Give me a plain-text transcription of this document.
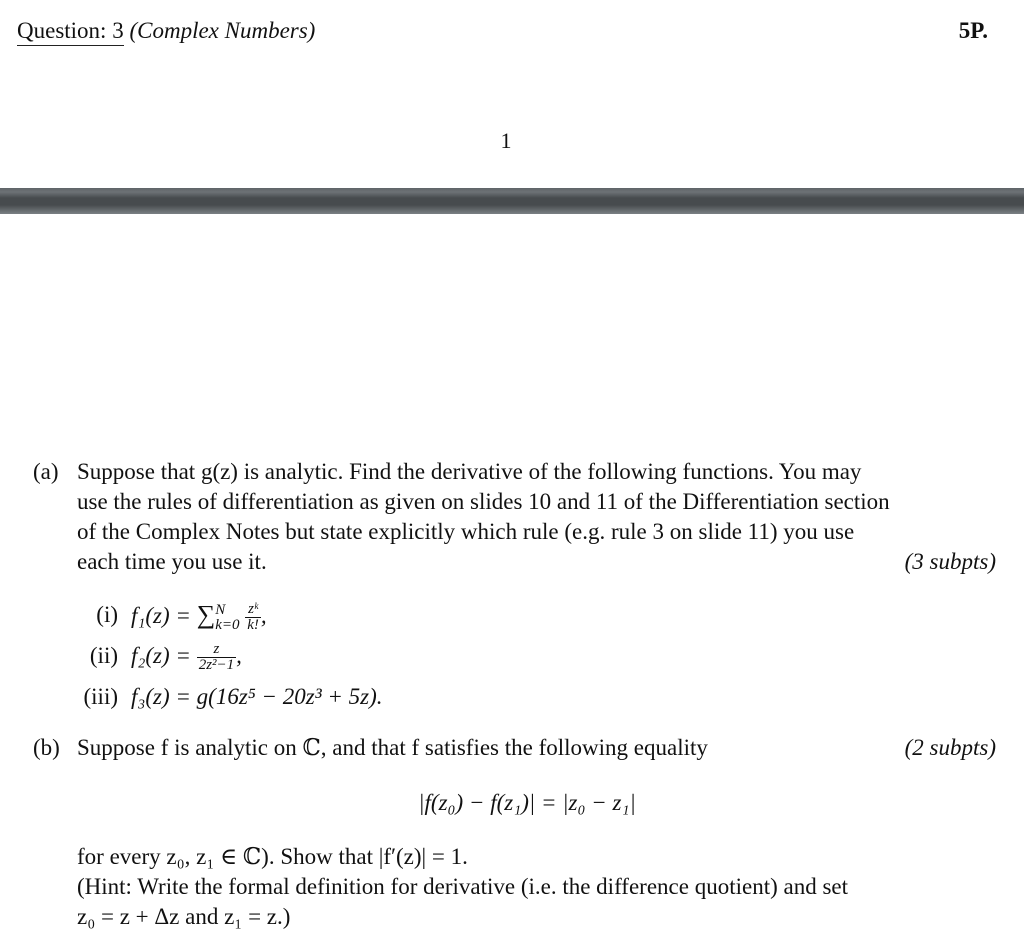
Question: 3 (Complex Numbers)	5P.
1
(a) Suppose that g(z) is analytic. Find the derivative of the following functions. You may
use the rules of differentiation as given on slides 10 and 11 of the Differentiation section
of the Complex Notes but state explicitly which rule (e.g. rule 3 on slide 11) you use
each time you use it.	(3 subpts)
(i) f₁(z) = ∑ N
k=0
$\frac{\text{zᵏ}}{k!}$ ,
(ii) $f_2(z) = \frac{z}{\text{2z²−1}}$ ,
(iii) f₃(z) = g(16z⁵ − 20z³ + 5z).
(b) Suppose f is analytic on ℂ, and that f satisfies the following equality	(2 subpts)
|f(z₀) − f(z₁)| = |z₀ − z₁|
for every z₀, z₁ ∈ ℂ). Show that |f′(z)| = 1.
(Hint: Write the formal definition for derivative (i.e. the difference quotient) and set
z₀ = z + Δz and z₁ = z.)
